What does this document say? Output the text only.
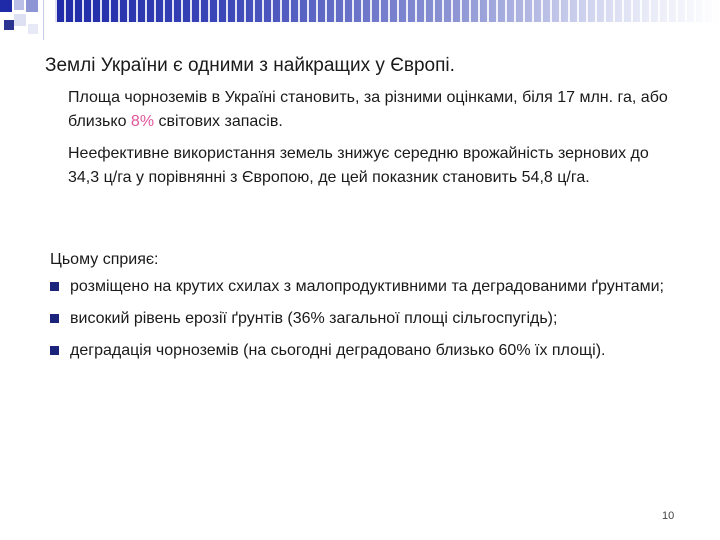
Землі України є одними з найкращих у Європі.

Площа чорноземів в Україні становить, за різними оцінками, біля 17 млн. га, або близько 8% світових запасів.

Неефективне використання земель знижує середню врожайність зернових до 34,3 ц/га у порівнянні з Європою, де цей показник становить 54,8 ц/га.

Цьому сприяє:

розміщено на крутих схилах з малопродуктивними та деградованими ґрунтами;
високий рівень ерозії ґрунтів (36% загальної площі сільгоспугідь);
деградація чорноземів (на сьогодні деградовано близько 60% їх площі).
10
